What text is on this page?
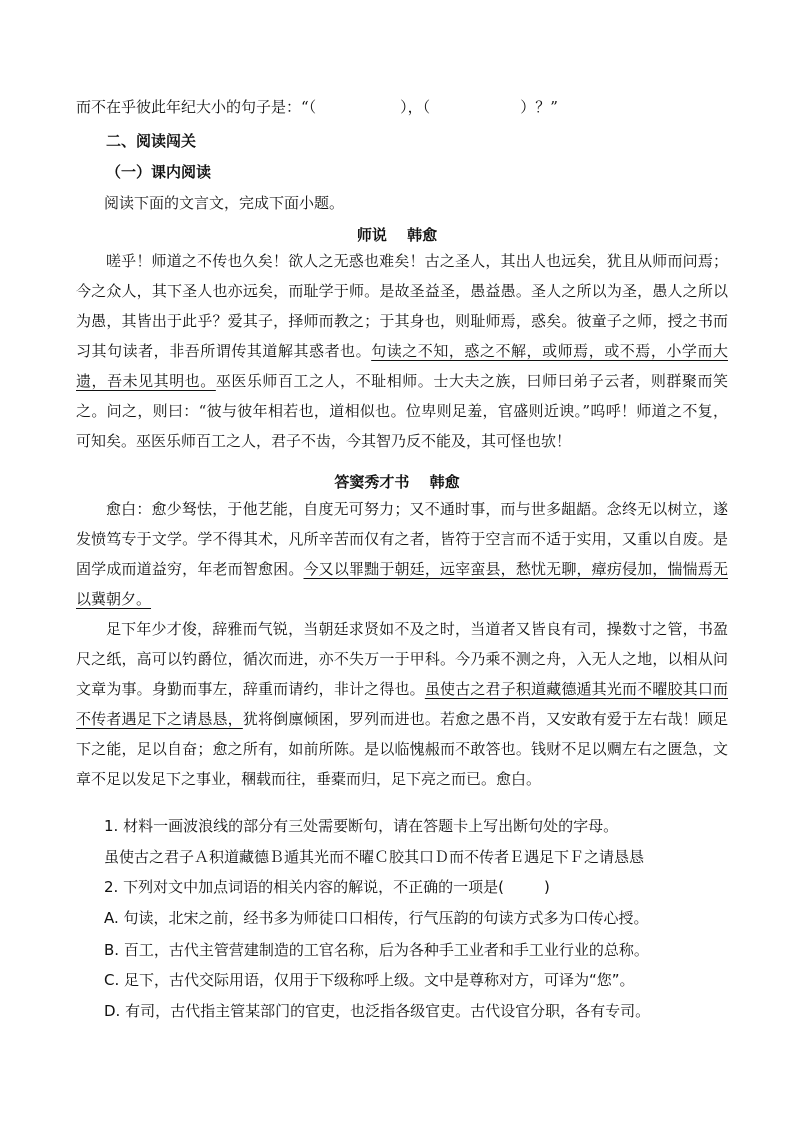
而不在乎彼此年纪大小的句子是：“（	），（	）？”
二、阅读闯关
（一）课内阅读
阅读下面的文言文，完成下面小题。
师说　 韩愈

嗟乎！师道之不传也久矣！欲人之无惑也难矣！古之圣人，其出人也远矣，犹且从师而问焉；今之众人，其下圣人也亦远矣，而耻学于师。是故圣益圣，愚益愚。圣人之所以为圣，愚人之所以为愚，其皆出于此乎？爱其子，择师而教之；于其身也，则耻师焉，惑矣。彼童子之师，授之书而习其句读者，非吾所谓传其道解其惑者也。句读之不知，惑之不解，或师焉，或不焉，小学而大遗，吾未见其明也。巫医乐师百工之人，不耻相师。士大夫之族，曰师曰弟子云者，则群聚而笑之。问之，则曰：“彼与彼年相若也，道相似也。位卑则足羞，官盛则近谀。”呜呼！师道之不复，可知矣。巫医乐师百工之人，君子不齿，今其智乃反不能及，其可怪也欤！

答窦秀才书　 韩愈

愈白：愈少驽怯，于他艺能，自度无可努力；又不通时事，而与世多龃龉。念终无以树立，遂发愤笃专于文学。学不得其术，凡所辛苦而仅有之者，皆符于空言而不适于实用，又重以自废。是固学成而道益穷，年老而智愈困。今又以罪黜于朝廷，远宰蛮县，愁忧无聊，瘴疠侵加，惴惴焉无以冀朝夕。

足下年少才俊，辞雅而气锐，当朝廷求贤如不及之时，当道者又皆良有司，操数寸之管，书盈尺之纸，高可以钓爵位，循次而进，亦不失万一于甲科。今乃乘不测之舟，入无人之地，以相从问文章为事。身勤而事左，辞重而请约，非计之得也。虽使古之君子积道藏德遁其光而不曜胶其口而不传者遇足下之请恳恳，犹将倒廪倾囷，罗列而进也。若愈之愚不肖，又安敢有爱于左右哉！顾足下之能，足以自奋；愈之所有，如前所陈。是以临愧赧而不敢答也。钱财不足以赒左右之匮急，文章不足以发足下之事业，稛载而往，垂橐而归，足下亮之而已。愈白。

1. 材料一画波浪线的部分有三处需要断句，请在答题卡上写出断句处的字母。
虽使古之君子Ａ积道藏德Ｂ遁其光而不曜Ｃ胶其口Ｄ而不传者Ｅ遇足下Ｆ之请恳恳
2. 下列对文中加点词语的相关内容的解说，不正确的一项是(	)
A. 句读，北宋之前，经书多为师徒口口相传，行气压韵的句读方式多为口传心授。
B. 百工，古代主管营建制造的工官名称，后为各种手工业者和手工业行业的总称。
C. 足下，古代交际用语，仅用于下级称呼上级。文中是尊称对方，可译为“您”。
D. 有司，古代指主管某部门的官吏，也泛指各级官吏。古代设官分职，各有专司。
